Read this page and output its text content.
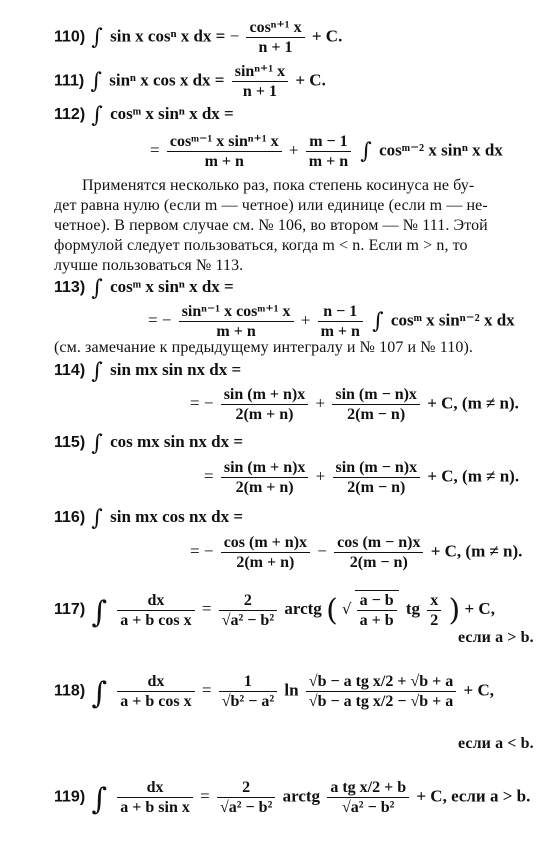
110) ∫ sin x cosⁿ x dx = − $\frac{\text{cosⁿ⁺¹ x}}{n + 1} + C$.
111) ∫ sinⁿ x cos x dx = $\frac{\text{sinⁿ⁺¹ x}}{n + 1} + C$.
112) ∫ cosᵐ x sinⁿ x dx =
= $\frac{\text{cosᵐ⁻¹ x sinⁿ⁺¹ x}}{m + n} + \frac{m - 1}{m + n}$ ∫ cosᵐ⁻² x sinⁿ x dx
Применятся несколько раз, пока степень косинуса не бу-
дет равна нулю (если m — четное) или единице (если m — не-
четное). В первом случае см. № 106, во втором — № 111. Этой
формулой следует пользоваться, когда m < n. Если m > n, то
лучше пользоваться № 113.
113) ∫ cosᵐ x sinⁿ x dx =
= − $\frac{\text{sinⁿ⁻¹ x cosᵐ⁺¹ x}}{m + n} + \frac{n - 1}{m + n}$ ∫ cosᵐ x sinⁿ⁻² x dx
(см. замечание к предыдущему интегралу и № 107 и № 110).
114) ∫ sin mx sin nx dx =
= − $\frac{\sin (m + n)x}{2(m + n)} + \frac{\sin (m - n)x}{2(m - n)} + C$, (m ≠ n).
115) ∫ cos mx sin nx dx =
= $\frac{\sin (m + n)x}{2(m + n)} + \frac{\sin (m - n)x}{2(m - n)} + C$, (m ≠ n).
116) ∫ sin mx cos nx dx =
= − $\frac{\cos (m + n)x}{2(m + n)} - \frac{\cos (m - n)x}{2(m - n)} + C$, (m ≠ n).
117) ∫ $\frac{dx}{\text{a + b cos x}} = \frac{2}{\text{√a² − b²}}$ arctg ( √ $\frac{a - b}{a + b}$ tg $\frac{x}{2}$ ) + C,
если a > b.
118) ∫ $\frac{dx}{\text{a + b cos x}} = \frac{1}{\text{√b² − a²}}$ $\ln \frac{\text{√b − a tg x/2 + √b + a}}{\text{√b − a tg x/2 − √b + a}} + C$,
если a < b.
119) ∫ $\frac{dx}{\text{a + b sin x}} = \frac{2}{\text{√a² − b²}}$ arctg $\frac{\text{a tg x/2 + b}}{\text{√a² − b²}} + C$, если a > b.
